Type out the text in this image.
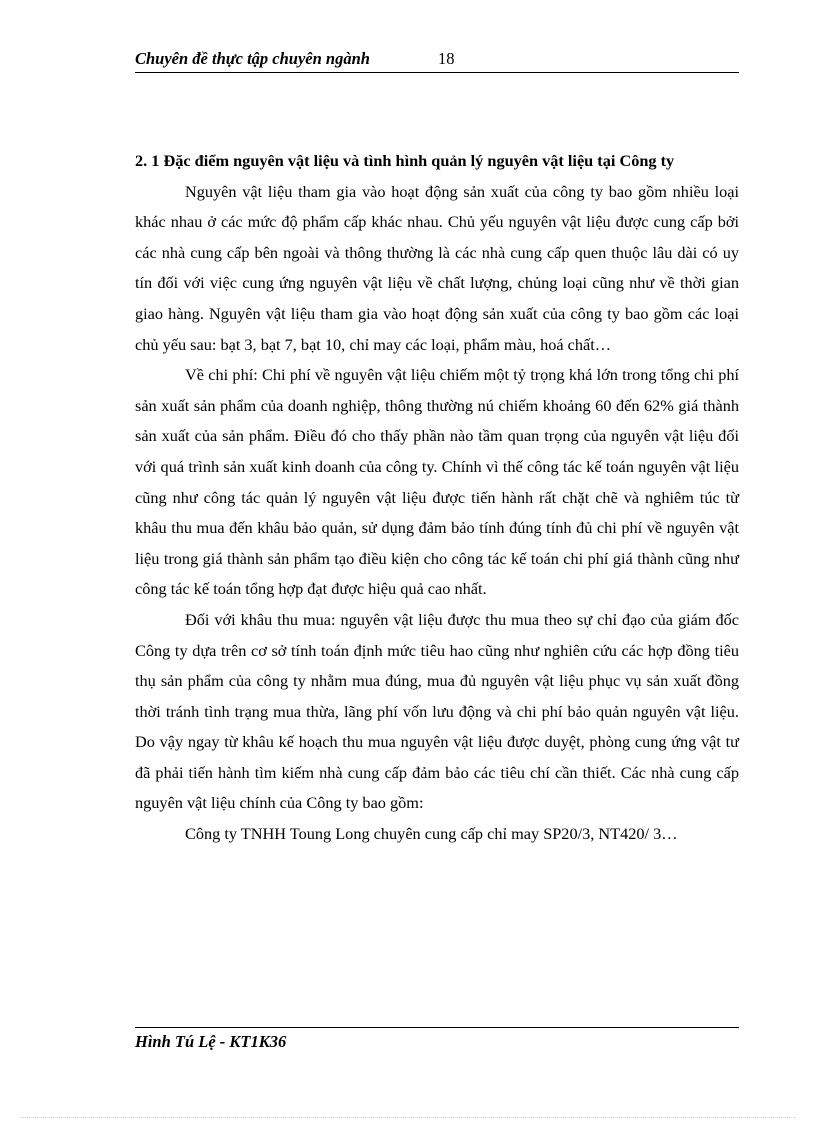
Chuyên đề thực tập chuyên ngành	18

2. 1 Đặc điểm nguyên vật liệu và tình hình quản lý nguyên vật liệu tại Công ty

Nguyên vật liệu tham gia vào hoạt động sản xuất của công ty bao gồm nhiều loại khác nhau ở các mức độ phẩm cấp khác nhau. Chủ yếu nguyên vật liệu được cung cấp bởi các nhà cung cấp bên ngoài và thông thường là các nhà cung cấp quen thuộc lâu dài có uy tín đối với việc cung ứng nguyên vật liệu về chất lượng, chủng loại cũng như về thời gian giao hàng. Nguyên vật liệu tham gia vào hoạt động sản xuất của công ty bao gồm các loại chủ yếu sau: bạt 3, bạt 7, bạt 10, chỉ may các loại, phẩm màu, hoá chất…

Về chi phí: Chi phí về nguyên vật liệu chiếm một tỷ trọng khá lớn trong tổng chi phí sản xuất sản phẩm của doanh nghiệp, thông thường nú chiếm khoảng 60 đến 62% giá thành sản xuất của sản phẩm. Điều đó cho thấy phần nào tầm quan trọng của nguyên vật liệu đối với quá trình sản xuất kinh doanh của công ty. Chính vì thế công tác kế toán nguyên vật liệu cũng như công tác quản lý nguyên vật liệu được tiến hành rất chặt chẽ và nghiêm túc từ khâu thu mua đến khâu bảo quản, sử dụng đảm bảo tính đúng tính đủ chi phí về nguyên vật liệu trong giá thành sản phẩm tạo điều kiện cho công tác kế toán chi phí giá thành cũng như công tác kế toán tổng hợp đạt được hiệu quả cao nhất.

Đối với khâu thu mua: nguyên vật liệu được thu mua theo sự chỉ đạo của giám đốc Công ty dựa trên cơ sở tính toán định mức tiêu hao cũng như nghiên cứu các hợp đồng tiêu thụ sản phẩm của công ty nhằm mua đúng, mua đủ nguyên vật liệu phục vụ sản xuất đồng thời tránh tình trạng mua thừa, lãng phí vốn lưu động và chi phí bảo quản nguyên vật liệu. Do vậy ngay từ khâu kế hoạch thu mua nguyên vật liệu được duyệt, phòng cung ứng vật tư đã phải tiến hành tìm kiếm nhà cung cấp đảm bảo các tiêu chí cần thiết. Các nhà cung cấp nguyên vật liệu chính của Công ty bao gồm:

Công ty TNHH Toung Long chuyên cung cấp chỉ may SP20/3, NT420/ 3…

Hình Tú Lệ - KT1K36
